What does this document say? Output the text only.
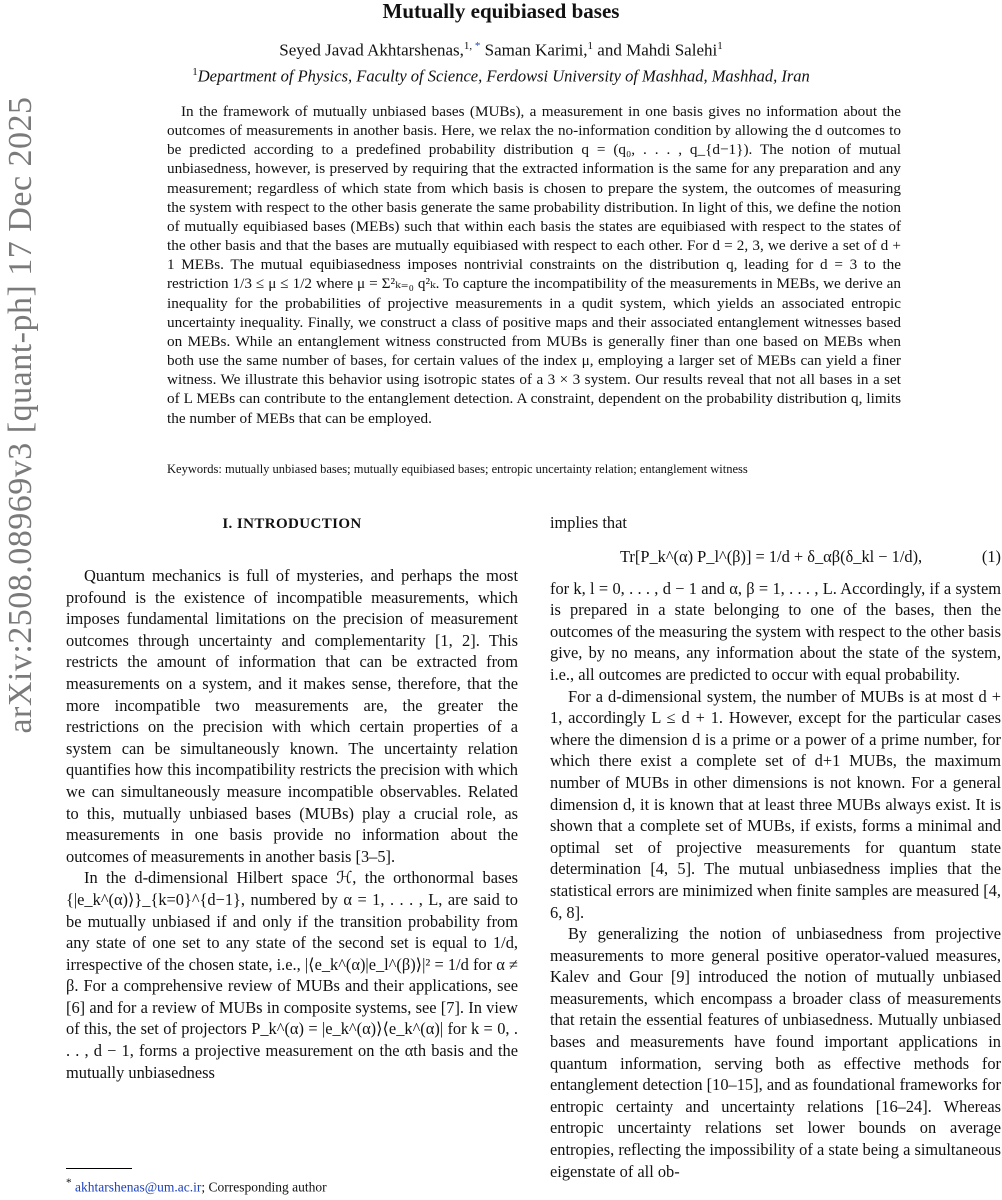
arXiv:2508.08969v3 [quant-ph] 17 Dec 2025
Mutually equibiased bases
Seyed Javad Akhtarshenas,$^{1, *}$ Saman Karimi,$^1$ and Mahdi Salehi$^1$
$^1$Department of Physics, Faculty of Science, Ferdowsi University of Mashhad, Mashhad, Iran
In the framework of mutually unbiased bases (MUBs), a measurement in one basis gives no information about the outcomes of measurements in another basis. Here, we relax the no-information condition by allowing the d outcomes to be predicted according to a predefined probability distribution q = (q₀, . . . , q_{d−1}). The notion of mutual unbiasedness, however, is preserved by requiring that the extracted information is the same for any preparation and any measurement; regardless of which state from which basis is chosen to prepare the system, the outcomes of measuring the system with respect to the other basis generate the same probability distribution. In light of this, we define the notion of mutually equibiased bases (MEBs) such that within each basis the states are equibiased with respect to the states of the other basis and that the bases are mutually equibiased with respect to each other. For d = 2, 3, we derive a set of d + 1 MEBs. The mutual equibiasedness imposes nontrivial constraints on the distribution q, leading for d = 3 to the restriction 1/3 ≤ μ ≤ 1/2 where μ = Σ²ₖ₌₀ q²ₖ. To capture the incompatibility of the measurements in MEBs, we derive an inequality for the probabilities of projective measurements in a qudit system, which yields an associated entropic uncertainty inequality. Finally, we construct a class of positive maps and their associated entanglement witnesses based on MEBs. While an entanglement witness constructed from MUBs is generally finer than one based on MEBs when both use the same number of bases, for certain values of the index μ, employing a larger set of MEBs can yield a finer witness. We illustrate this behavior using isotropic states of a 3 × 3 system. Our results reveal that not all bases in a set of L MEBs can contribute to the entanglement detection. A constraint, dependent on the probability distribution q, limits the number of MEBs that can be employed.
Keywords: mutually unbiased bases; mutually equibiased bases; entropic uncertainty relation; entanglement witness
I. INTRODUCTION

Quantum mechanics is full of mysteries, and perhaps the most profound is the existence of incompatible measurements, which imposes fundamental limitations on the precision of measurement outcomes through uncertainty and complementarity [1, 2]. This restricts the amount of information that can be extracted from measurements on a system, and it makes sense, therefore, that the more incompatible two measurements are, the greater the restrictions on the precision with which certain properties of a system can be simultaneously known. The uncertainty relation quantifies how this incompatibility restricts the precision with which we can simultaneously measure incompatible observables. Related to this, mutually unbiased bases (MUBs) play a crucial role, as measurements in one basis provide no information about the outcomes of measurements in another basis [3–5].

In the d-dimensional Hilbert space ℋ, the orthonormal bases {|e_k^(α)⟩}_{k=0}^{d−1}, numbered by α = 1, . . . , L, are said to be mutually unbiased if and only if the transition probability from any state of one set to any state of the second set is equal to 1/d, irrespective of the chosen state, i.e., |⟨e_k^(α)|e_l^(β)⟩|² = 1/d for α ≠ β. For a comprehensive review of MUBs and their applications, see [6] and for a review of MUBs in composite systems, see [7]. In view of this, the set of projectors P_k^(α) = |e_k^(α)⟩⟨e_k^(α)| for k = 0, . . . , d − 1, forms a projective measurement on the αth basis and the mutually unbiasedness

implies that

Tr[P_k^(α) P_l^(β)] = 1/d + δ_αβ(δ_kl − 1/d),	(1)

for k, l = 0, . . . , d − 1 and α, β = 1, . . . , L. Accordingly, if a system is prepared in a state belonging to one of the bases, then the outcomes of the measuring the system with respect to the other basis give, by no means, any information about the state of the system, i.e., all outcomes are predicted to occur with equal probability.

For a d-dimensional system, the number of MUBs is at most d + 1, accordingly L ≤ d + 1. However, except for the particular cases where the dimension d is a prime or a power of a prime number, for which there exist a complete set of d+1 MUBs, the maximum number of MUBs in other dimensions is not known. For a general dimension d, it is known that at least three MUBs always exist. It is shown that a complete set of MUBs, if exists, forms a minimal and optimal set of projective measurements for quantum state determination [4, 5]. The mutual unbiasedness implies that the statistical errors are minimized when finite samples are measured [4, 6, 8].

By generalizing the notion of unbiasedness from projective measurements to more general positive operator-valued measures, Kalev and Gour [9] introduced the notion of mutually unbiased measurements, which encompass a broader class of measurements that retain the essential features of unbiasedness. Mutually unbiased bases and measurements have found important applications in quantum information, serving both as effective methods for entanglement detection [10–15], and as foundational frameworks for entropic certainty and uncertainty relations [16–24]. Whereas entropic uncertainty relations set lower bounds on average entropies, reflecting the impossibility of a state being a simultaneous eigenstate of all ob-

* akhtarshenas@um.ac.ir; Corresponding author
